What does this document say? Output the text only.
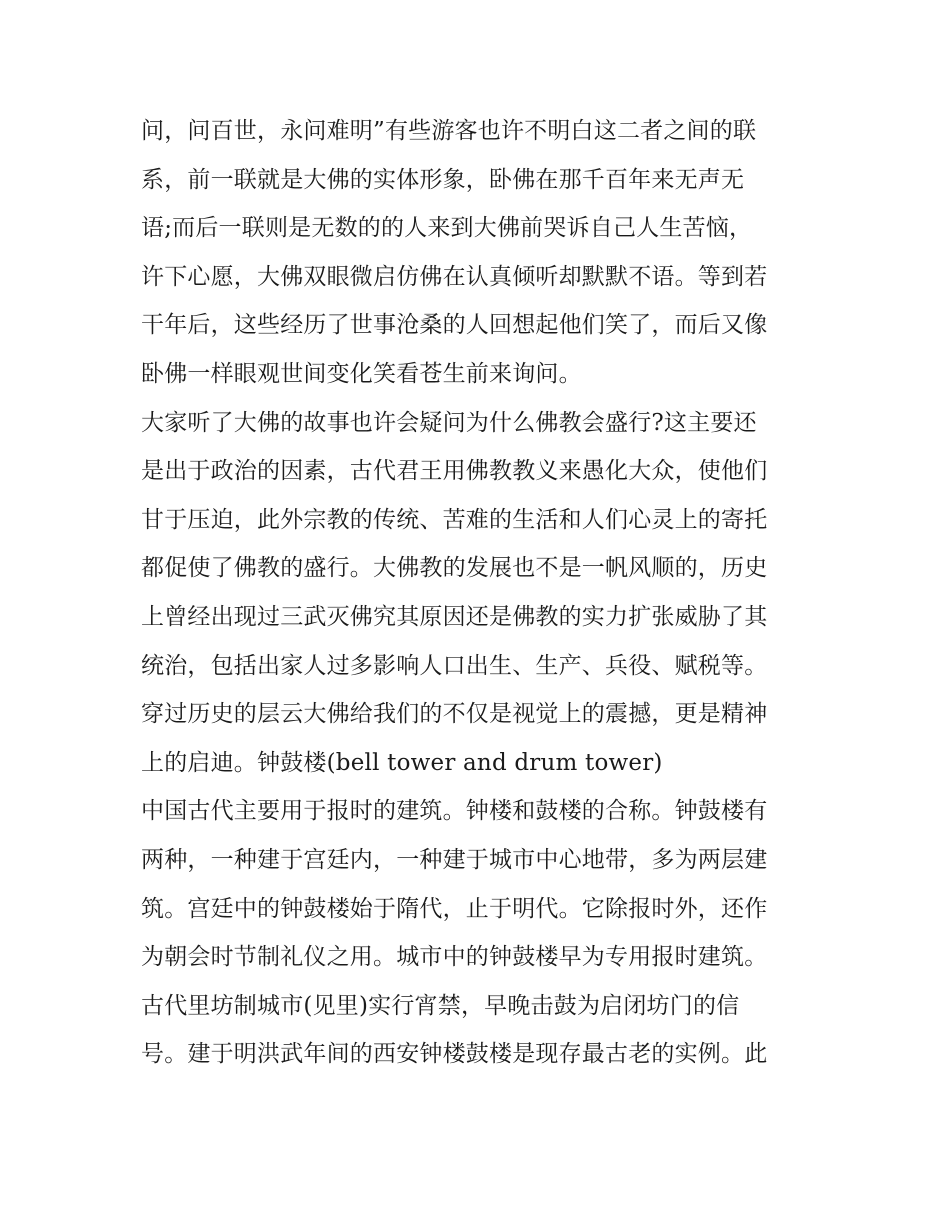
问，问百世，永问难明”有些游客也许不明白这二者之间的联
系，前一联就是大佛的实体形象，卧佛在那千百年来无声无
语;而后一联则是无数的的人来到大佛前哭诉自己人生苦恼，
许下心愿，大佛双眼微启仿佛在认真倾听却默默不语。等到若
干年后，这些经历了世事沧桑的人回想起他们笑了，而后又像
卧佛一样眼观世间变化笑看苍生前来询问。
大家听了大佛的故事也许会疑问为什么佛教会盛行?这主要还
是出于政治的因素，古代君王用佛教教义来愚化大众，使他们
甘于压迫，此外宗教的传统、苦难的生活和人们心灵上的寄托
都促使了佛教的盛行。大佛教的发展也不是一帆风顺的，历史
上曾经出现过三武灭佛究其原因还是佛教的实力扩张威胁了其
统治，包括出家人过多影响人口出生、生产、兵役、赋税等。
穿过历史的层云大佛给我们的不仅是视觉上的震撼，更是精神
上的启迪。钟鼓楼(bell tower and drum tower)
中国古代主要用于报时的建筑。钟楼和鼓楼的合称。钟鼓楼有
两种，一种建于宫廷内，一种建于城市中心地带，多为两层建
筑。宫廷中的钟鼓楼始于隋代，止于明代。它除报时外，还作
为朝会时节制礼仪之用。城市中的钟鼓楼早为专用报时建筑。
古代里坊制城市(见里)实行宵禁，早晚击鼓为启闭坊门的信
号。建于明洪武年间的西安钟楼鼓楼是现存最古老的实例。此
